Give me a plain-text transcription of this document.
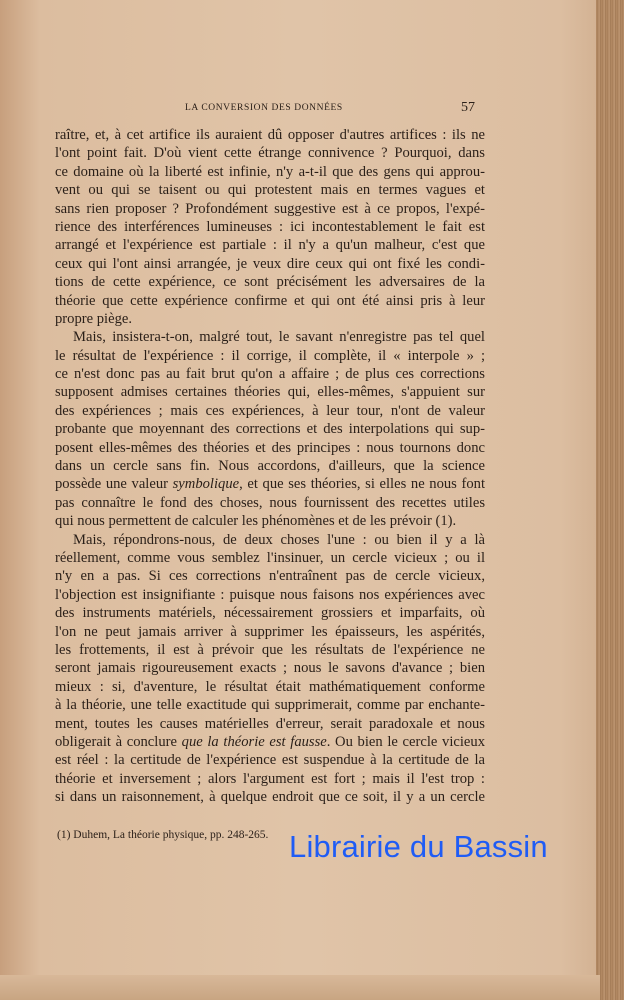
LA CONVERSION DES DONNÉES	57
raître, et, à cet artifice ils auraient dû opposer d'autres artifices : ils ne
l'ont point fait. D'où vient cette étrange connivence ? Pourquoi, dans
ce domaine où la liberté est infinie, n'y a-t-il que des gens qui approu-
vent ou qui se taisent ou qui protestent mais en termes vagues et
sans rien proposer ? Profondément suggestive est à ce propos, l'expé-
rience des interférences lumineuses : ici incontestablement le fait est
arrangé et l'expérience est partiale : il n'y a qu'un malheur, c'est que
ceux qui l'ont ainsi arrangée, je veux dire ceux qui ont fixé les condi-
tions de cette expérience, ce sont précisément les adversaires de la
théorie que cette expérience confirme et qui ont été ainsi pris à leur
propre piège.
Mais, insistera-t-on, malgré tout, le savant n'enregistre pas tel quel
le résultat de l'expérience : il corrige, il complète, il « interpole » ;
ce n'est donc pas au fait brut qu'on a affaire ; de plus ces corrections
supposent admises certaines théories qui, elles-mêmes, s'appuient sur
des expériences ; mais ces expériences, à leur tour, n'ont de valeur
probante que moyennant des corrections et des interpolations qui sup-
posent elles-mêmes des théories et des principes : nous tournons donc
dans un cercle sans fin. Nous accordons, d'ailleurs, que la science
possède une valeur symbolique, et que ses théories, si elles ne nous font
pas connaître le fond des choses, nous fournissent des recettes utiles
qui nous permettent de calculer les phénomènes et de les prévoir (1).
Mais, répondrons-nous, de deux choses l'une : ou bien il y a là
réellement, comme vous semblez l'insinuer, un cercle vicieux ; ou il
n'y en a pas. Si ces corrections n'entraînent pas de cercle vicieux,
l'objection est insignifiante : puisque nous faisons nos expériences avec
des instruments matériels, nécessairement grossiers et imparfaits, où
l'on ne peut jamais arriver à supprimer les épaisseurs, les aspérités,
les frottements, il est à prévoir que les résultats de l'expérience ne
seront jamais rigoureusement exacts ; nous le savons d'avance ; bien
mieux : si, d'aventure, le résultat était mathématiquement conforme
à la théorie, une telle exactitude qui supprimerait, comme par enchante-
ment, toutes les causes matérielles d'erreur, serait paradoxale et nous
obligerait à conclure que la théorie est fausse. Ou bien le cercle vicieux
est réel : la certitude de l'expérience est suspendue à la certitude de la
théorie et inversement ; alors l'argument est fort ; mais il l'est trop :
si dans un raisonnement, à quelque endroit que ce soit, il y a un cercle
(1) Duhem, La théorie physique, pp. 248-265. Librairie du Bassin
